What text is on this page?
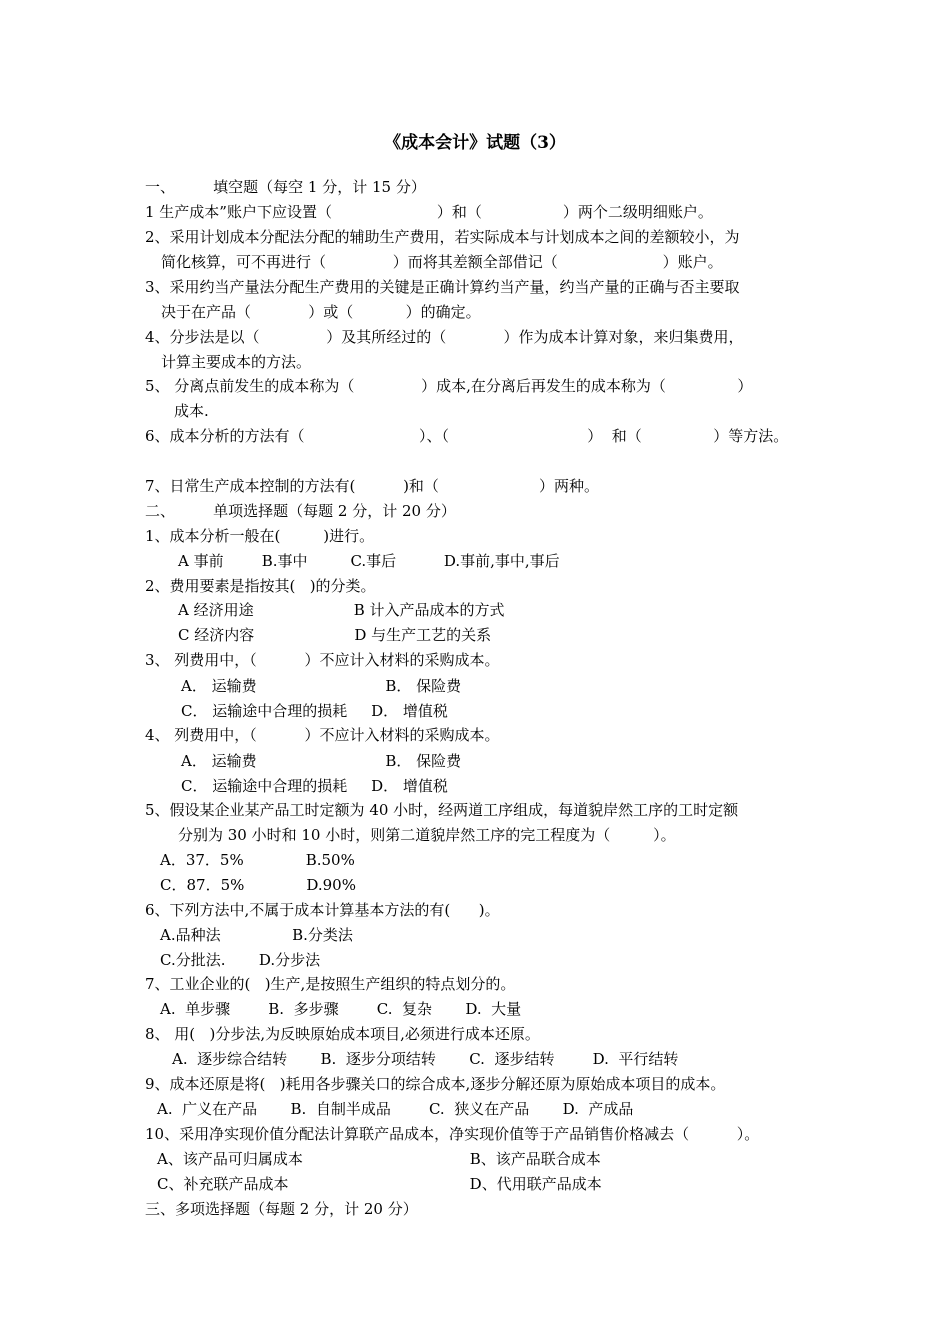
《成本会计》试题（3）
一、        填空题（每空 1 分，计 15 分）
1 生产成本”账户下应设置（                      ）和（                 ）两个二级明细账户。
2、采用计划成本分配法分配的辅助生产费用，若实际成本与计划成本之间的差额较小，为
简化核算，可不再进行（              ）而将其差额全部借记（                      ）账户。
3、采用约当产量法分配生产费用的关键是正确计算约当产量，约当产量的正确与否主要取
决于在产品（            ）或（           ）的确定。
4、分步法是以（              ）及其所经过的（            ）作为成本计算对象，来归集费用，
计算主要成本的方法。
5、 分离点前发生的成本称为（              ）成本,在分离后再发生的成本称为（               ）
成本.
6、成本分析的方法有（                        ）、（                             ）  和（               ）等方法。
7、日常生产成本控制的方法有(          )和（                     ）两种。
二、        单项选择题（每题 2 分，计 20 分）
1、成本分析一般在(         )进行。
A 事前        B.事中         C.事后          D.事前,事中,事后
2、费用要素是指按其(   )的分类。
A 经济用途                     B 计入产品成本的方式
C 经济内容                     D 与生产工艺的关系
3、 列费用中，（          ）不应计入材料的采购成本。
A． 运输费                           B． 保险费
C． 运输途中合理的损耗     D． 增值税
4、 列费用中，（          ）不应计入材料的采购成本。
A． 运输费                           B． 保险费
C． 运输途中合理的损耗     D． 增值税
5、假设某企业某产品工时定额为 40 小时，经两道工序组成，每道貌岸然工序的工时定额
分别为 30 小时和 10 小时，则第二道貌岸然工序的完工程度为（         ）。
A．37．5%             B.50%
C．87．5%             D.90%
6、下列方法中,不属于成本计算基本方法的有(      )。
A.品种法               B.分类法
C.分批法.       D.分步法
7、工业企业的(   )生产,是按照生产组织的特点划分的。
A.  单步骤        B.  多步骤        C.  复杂       D.  大量
8、 用(   )分步法,为反映原始成本项目,必须进行成本还原。
A.  逐步综合结转       B.  逐步分项结转       C.  逐步结转        D.  平行结转
9、成本还原是将(   )耗用各步骤关口的综合成本,逐步分解还原为原始成本项目的成本。
A.  广义在产品       B.  自制半成品        C.  狭义在产品       D.  产成品
10、采用净实现价值分配法计算联产品成本，净实现价值等于产品销售价格减去（          ）。
A、该产品可归属成本                                   B、该产品联合成本
C、补充联产品成本                                      D、代用联产品成本
三、多项选择题（每题 2 分，计 20 分）
